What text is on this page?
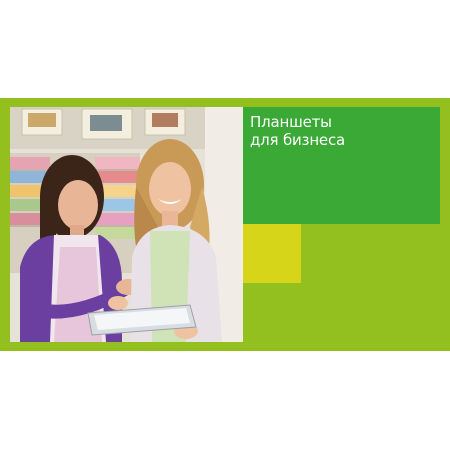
Планшеты
для бизнеса
